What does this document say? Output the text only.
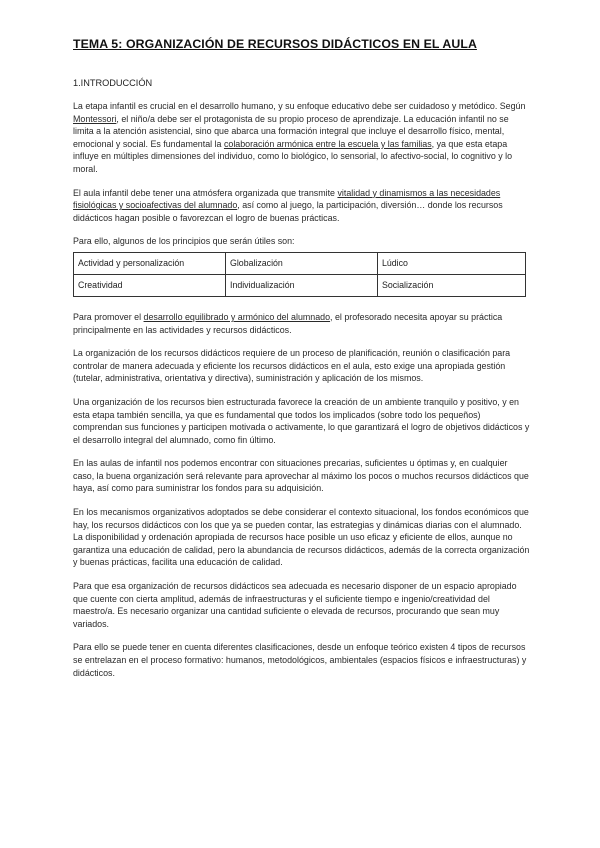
TEMA 5: ORGANIZACIÓN DE RECURSOS DIDÁCTICOS EN EL AULA
1.INTRODUCCIÓN

La etapa infantil es crucial en el desarrollo humano, y su enfoque educativo debe ser cuidadoso y metódico. Según Montessori, el niño/a debe ser el protagonista de su propio proceso de aprendizaje. La educación infantil no se limita a la atención asistencial, sino que abarca una formación integral que incluye el desarrollo físico, mental, emocional y social. Es fundamental la colaboración armónica entre la escuela y las familias, ya que esta etapa influye en múltiples dimensiones del individuo, como lo biológico, lo sensorial, lo afectivo-social, lo cognitivo y lo moral.

El aula infantil debe tener una atmósfera organizada que transmite vitalidad y dinamismos a las necesidades fisiológicas y socioafectivas del alumnado, así como al juego, la participación, diversión… donde los recursos didácticos hagan posible o favorezcan el logro de buenas prácticas.

Para ello, algunos de los principios que serán útiles son:

Actividad y personalización	Globalización	Lúdico
Creatividad	Individualización	Socialización

Para promover el desarrollo equilibrado y armónico del alumnado, el profesorado necesita apoyar su práctica principalmente en las actividades y recursos didácticos.

La organización de los recursos didácticos requiere de un proceso de planificación, reunión o clasificación para controlar de manera adecuada y eficiente los recursos didácticos en el aula, esto exige una apropiada gestión (tutelar, administrativa, orientativa y directiva), suministración y aplicación de los mismos.

Una organización de los recursos bien estructurada favorece la creación de un ambiente tranquilo y positivo, y en esta etapa también sencilla, ya que es fundamental que todos los implicados (sobre todo los pequeños) comprendan sus funciones y participen motivada o activamente, lo que garantizará el logro de objetivos didácticos y el desarrollo integral del alumnado, como fin último.

En las aulas de infantil nos podemos encontrar con situaciones precarias, suficientes u óptimas y, en cualquier caso, la buena organización será relevante para aprovechar al máximo los pocos o muchos recursos didácticos que haya, así como para suministrar los fondos para su adquisición.

En los mecanismos organizativos adoptados se debe considerar el contexto situacional, los fondos económicos que hay, los recursos didácticos con los que ya se pueden contar, las estrategias y dinámicas diarias con el alumnado.

La disponibilidad y ordenación apropiada de recursos hace posible un uso eficaz y eficiente de ellos, aunque no garantiza una educación de calidad, pero la abundancia de recursos didácticos, además de la correcta organización y buenas prácticas, facilita una educación de calidad.

Para que esa organización de recursos didácticos sea adecuada es necesario disponer de un espacio apropiado que cuente con cierta amplitud, además de infraestructuras y el suficiente tiempo e ingenio/creatividad del maestro/a. Es necesario organizar una cantidad suficiente o elevada de recursos, procurando que sean muy variados.

Para ello se puede tener en cuenta diferentes clasificaciones, desde un enfoque teórico existen 4 tipos de recursos se entrelazan en el proceso formativo: humanos, metodológicos, ambientales (espacios físicos e infraestructuras) y didácticos.
